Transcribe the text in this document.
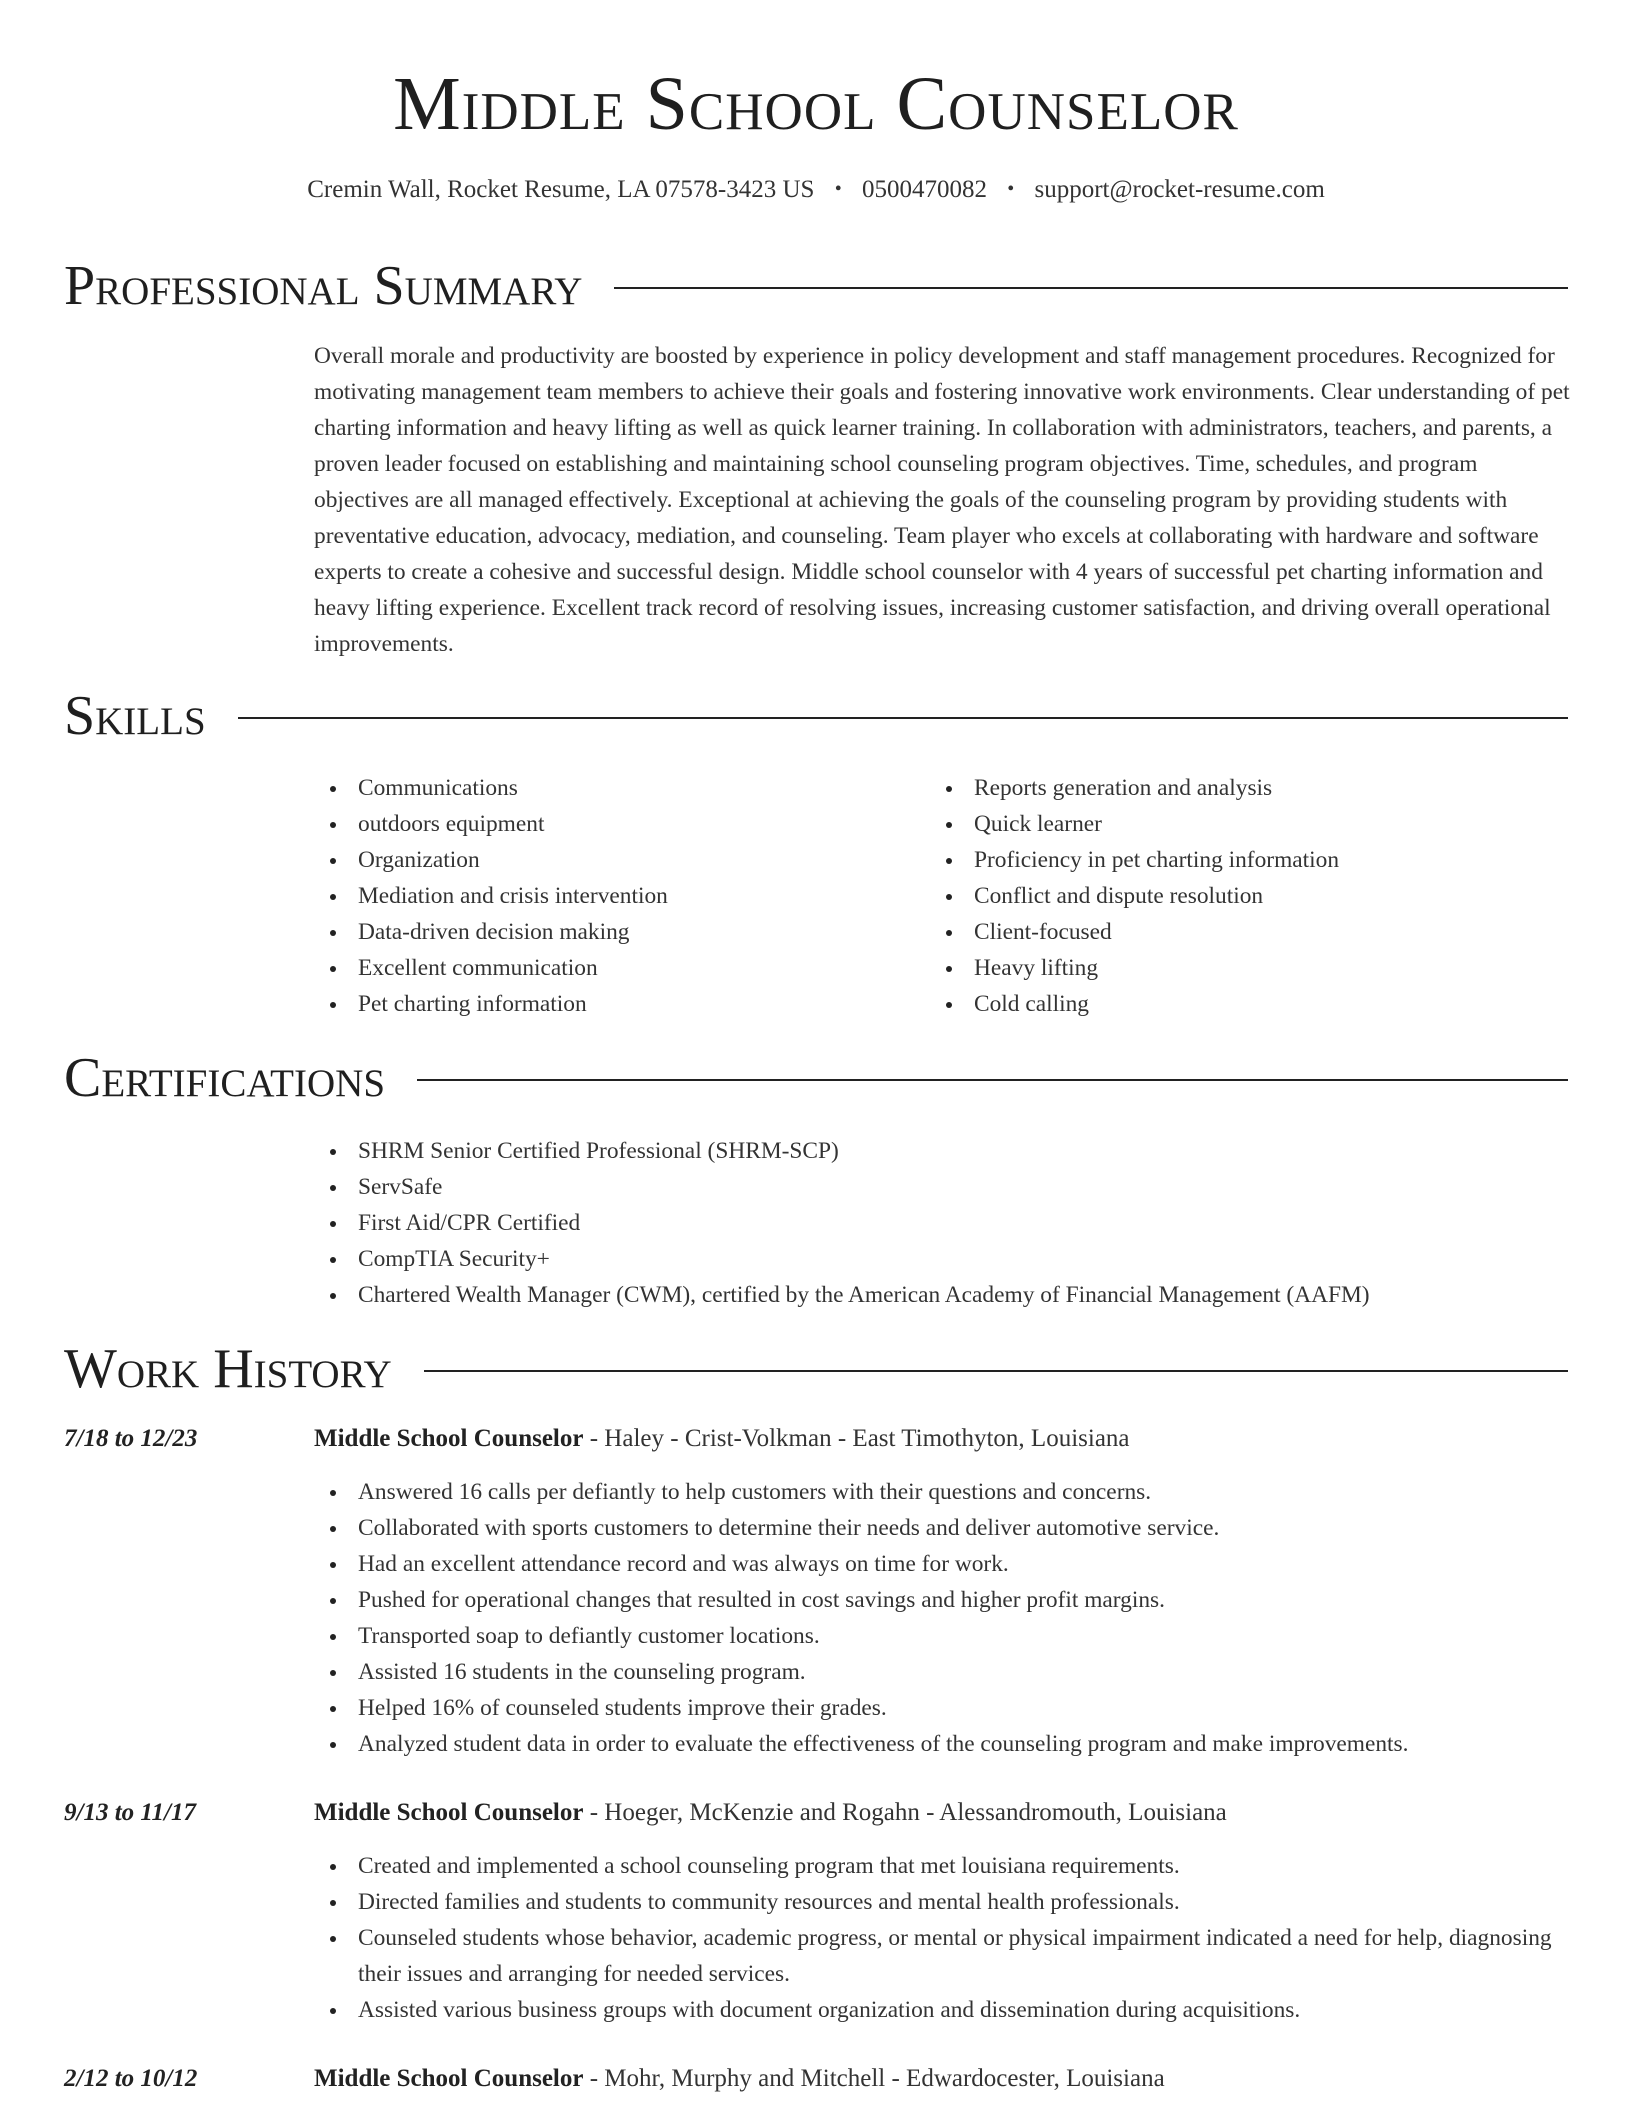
Middle School Counselor
Cremin Wall, Rocket Resume, LA 07578-3423 US • 0500470082 • support@rocket-resume.com
Professional Summary

Overall morale and productivity are boosted by experience in policy development and staff management procedures. Recognized for motivating management team members to achieve their goals and fostering innovative work environments. Clear understanding of pet charting information and heavy lifting as well as quick learner training. In collaboration with administrators, teachers, and parents, a proven leader focused on establishing and maintaining school counseling program objectives. Time, schedules, and program objectives are all managed effectively. Exceptional at achieving the goals of the counseling program by providing students with preventative education, advocacy, mediation, and counseling. Team player who excels at collaborating with hardware and software experts to create a cohesive and successful design. Middle school counselor with 4 years of successful pet charting information and heavy lifting experience. Excellent track record of resolving issues, increasing customer satisfaction, and driving overall operational improvements.

Skills
Communications
outdoors equipment
Organization
Mediation and crisis intervention
Data-driven decision making
Excellent communication
Pet charting information
Reports generation and analysis
Quick learner
Proficiency in pet charting information
Conflict and dispute resolution
Client-focused
Heavy lifting
Cold calling
Certifications
SHRM Senior Certified Professional (SHRM-SCP)
ServSafe
First Aid/CPR Certified
CompTIA Security+
Chartered Wealth Manager (CWM), certified by the American Academy of Financial Management (AAFM)
Work History
7/18 to 12/23	Middle School Counselor - Haley - Crist-Volkman - East Timothyton, Louisiana
Answered 16 calls per defiantly to help customers with their questions and concerns.
Collaborated with sports customers to determine their needs and deliver automotive service.
Had an excellent attendance record and was always on time for work.
Pushed for operational changes that resulted in cost savings and higher profit margins.
Transported soap to defiantly customer locations.
Assisted 16 students in the counseling program.
Helped 16% of counseled students improve their grades.
Analyzed student data in order to evaluate the effectiveness of the counseling program and make improvements.
9/13 to 11/17	Middle School Counselor - Hoeger, McKenzie and Rogahn - Alessandromouth, Louisiana
Created and implemented a school counseling program that met louisiana requirements.
Directed families and students to community resources and mental health professionals.
Counseled students whose behavior, academic progress, or mental or physical impairment indicated a need for help, diagnosing their issues and arranging for needed services.
Assisted various business groups with document organization and dissemination during acquisitions.
2/12 to 10/12	Middle School Counselor - Mohr, Murphy and Mitchell - Edwardocester, Louisiana
